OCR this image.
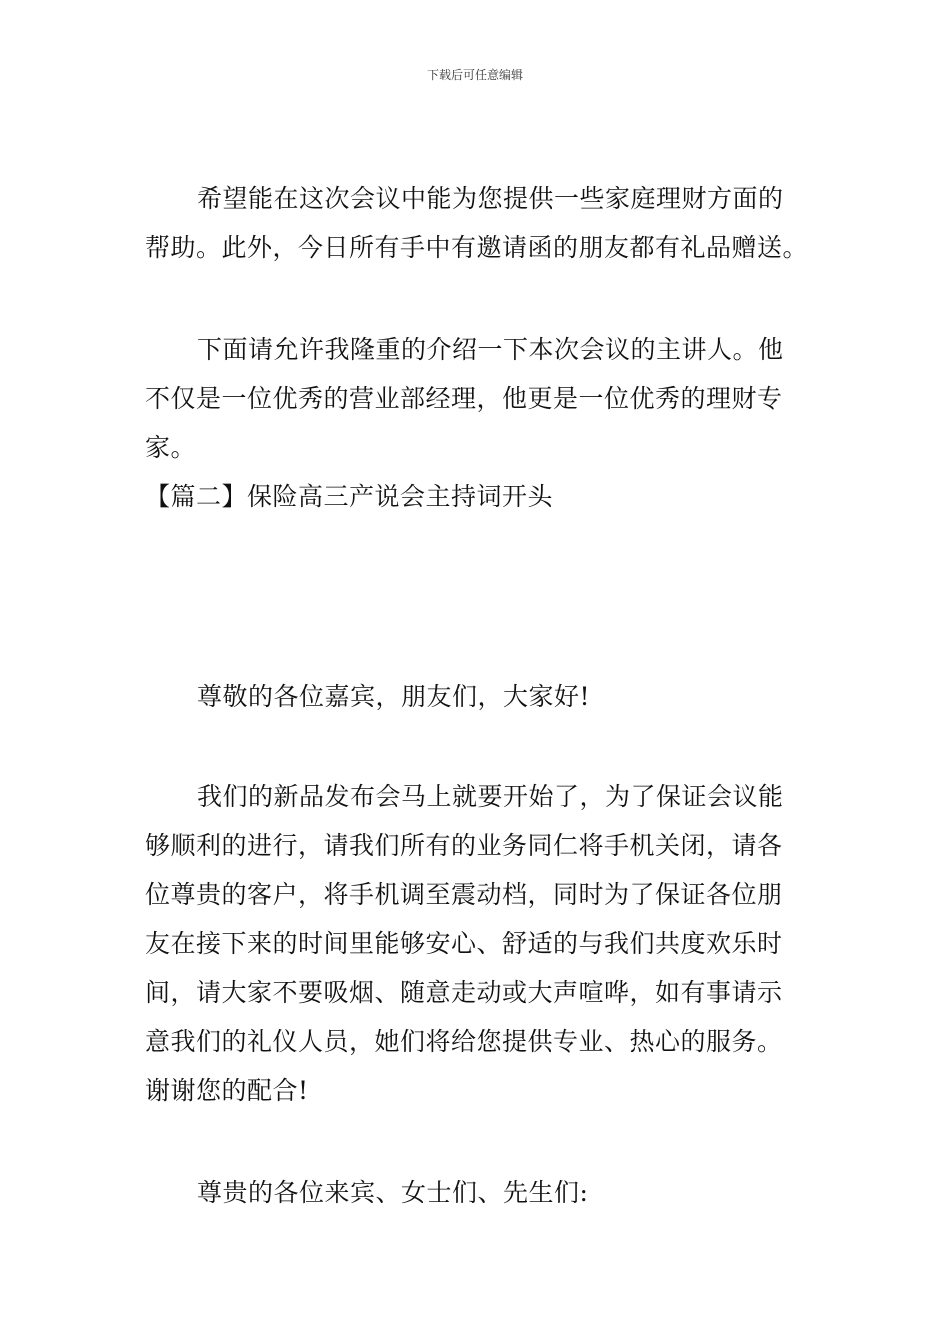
下载后可任意编辑
希望能在这次会议中能为您提供一些家庭理财方面的
帮助。此外，今日所有手中有邀请函的朋友都有礼品赠送。
下面请允许我隆重的介绍一下本次会议的主讲人。他
不仅是一位优秀的营业部经理，他更是一位优秀的理财专
家。
【篇二】保险高三产说会主持词开头
尊敬的各位嘉宾，朋友们，大家好!
我们的新品发布会马上就要开始了，为了保证会议能
够顺利的进行，请我们所有的业务同仁将手机关闭，请各
位尊贵的客户，将手机调至震动档，同时为了保证各位朋
友在接下来的时间里能够安心、舒适的与我们共度欢乐时
间，请大家不要吸烟、随意走动或大声喧哗，如有事请示
意我们的礼仪人员，她们将给您提供专业、热心的服务。
谢谢您的配合!
尊贵的各位来宾、女士们、先生们:
